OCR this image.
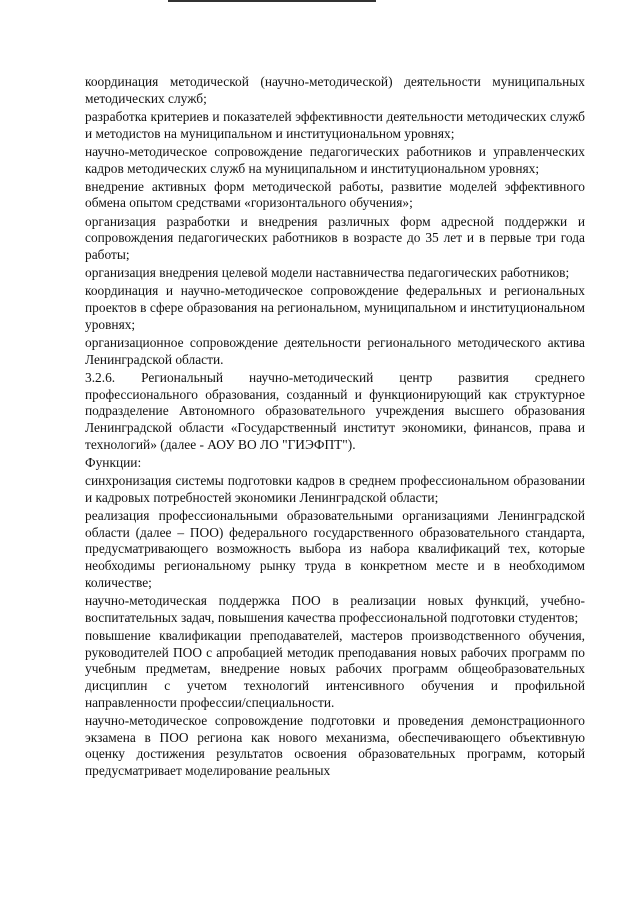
координация методической (научно-методической) деятельности муниципальных методических служб;

разработка критериев и показателей эффективности деятельности методических служб и методистов на муниципальном и институциональном уровнях;

научно-методическое сопровождение педагогических работников и управленческих кадров методических служб на муниципальном и институциональном уровнях;

внедрение активных форм методической работы, развитие моделей эффективного обмена опытом средствами «горизонтального обучения»;

организация разработки и внедрения различных форм адресной поддержки и сопровождения педагогических работников в возрасте до 35 лет и в первые три года работы;

организация внедрения целевой модели наставничества педагогических работников;

координация и научно-методическое сопровождение федеральных и региональных проектов в сфере образования на региональном, муниципальном и институциональном уровнях;

организационное сопровождение деятельности регионального методического актива Ленинградской области.

3.2.6. Региональный научно-методический центр развития среднего профессионального образования, созданный и функционирующий как структурное подразделение Автономного образовательного учреждения высшего образования Ленинградской области «Государственный институт экономики, финансов, права и технологий» (далее - АОУ ВО ЛО "ГИЭФПТ").

Функции:

синхронизация системы подготовки кадров в среднем профессиональном образовании и кадровых потребностей экономики Ленинградской области;

реализация профессиональными образовательными организациями Ленинградской области (далее – ПОО) федерального государственного образовательного стандарта, предусматривающего возможность выбора из набора квалификаций тех, которые необходимы региональному рынку труда в конкретном месте и в необходимом количестве;

научно-методическая поддержка ПОО в реализации новых функций, учебно-воспитательных задач, повышения качества профессиональной подготовки студентов;

повышение квалификации преподавателей, мастеров производственного обучения, руководителей ПОО с апробацией методик преподавания новых рабочих программ по учебным предметам, внедрение новых рабочих программ общеобразовательных дисциплин с учетом технологий интенсивного обучения и профильной направленности профессии/специальности.

научно-методическое сопровождение подготовки и проведения демонстрационного экзамена в ПОО региона как нового механизма, обеспечивающего объективную оценку достижения результатов освоения образовательных программ, который предусматривает моделирование реальных
